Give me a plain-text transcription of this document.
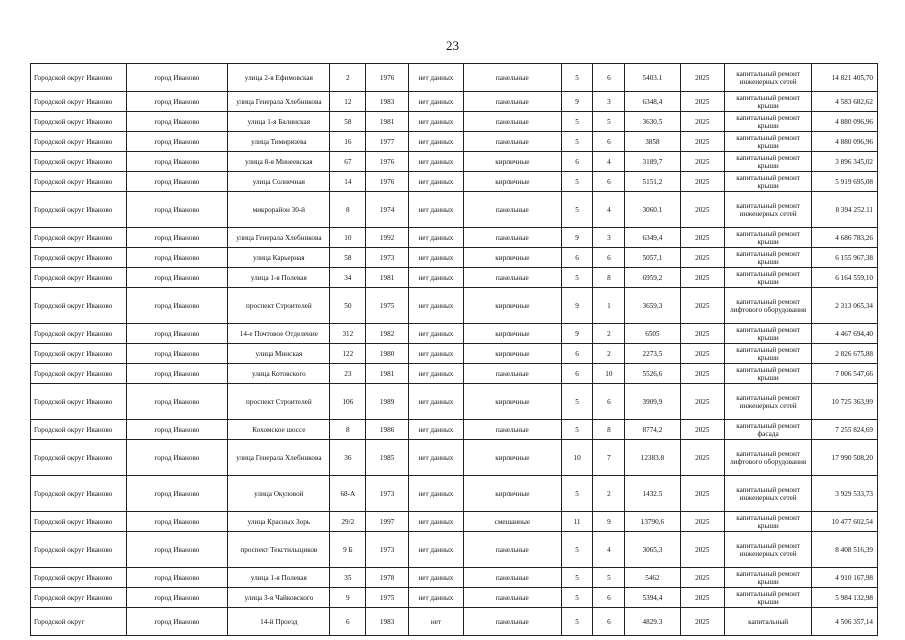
23
Городской округ Иваново	город Иваново	улица 2-я Ефимовская	2	1976	нет данных	панельные	5	6	5403.1	2025	капитальный ремонт инженерных сетей	14 821 405,70
Городской округ Иваново	город Иваново	улица Генерала Хлебникова	12	1983	нет данных	панельные	9	3	6348,4	2025	капитальный ремонт крыши	4 583 682,62
Городской округ Иваново	город Иваново	улица 1-я Балинская	58	1981	нет данных	панельные	5	5	3630,5	2025	капитальный ремонт крыши	4 880 096,96
Городской округ Иваново	город Иваново	улица Тимирязева	16	1977	нет данных	панельные	5	6	3858	2025	капитальный ремонт крыши	4 880 096,96
Городской округ Иваново	город Иваново	улица 8-я Минеевская	67	1976	нет данных	кирпичные	6	4	3189,7	2025	капитальный ремонт крыши	3 896 345,02
Городской округ Иваново	город Иваново	улица Солнечная	14	1976	нет данных	кирпичные	5	6	5151,2	2025	капитальный ремонт крыши	5 919 695,08
Городской округ Иваново	город Иваново	микрорайон 30-й	8	1974	нет данных	панельные	5	4	3060.1	2025	капитальный ремонт инженерных сетей	8 394 252.11
Городской округ Иваново	город Иваново	улица Генерала Хлебникова	10	1992	нет данных	панельные	9	3	6349,4	2025	капитальный ремонт крыши	4 686 783,26
Городской округ Иваново	город Иваново	улица Карьерная	58	1973	нет данных	кирпичные	6	6	5057,1	2025	капитальный ремонт крыши	6 155 967,38
Городской округ Иваново	город Иваново	улица 1-я Полевая	34	1981	нет данных	панельные	5	8	6959,2	2025	капитальный ремонт крыши	6 164 559,10
Городской округ Иваново	город Иваново	проспект Строителей	50	1975	нет данных	кирпичные	9	1	3659,3	2025	капитальный ремонт лифтового оборудования	2 313 065,34
Городской округ Иваново	город Иваново	14-е Почтовое Отделение	312	1982	нет данных	кирпичные	9	2	6505	2025	капитальный ремонт крыши	4 467 694,40
Городской округ Иваново	город Иваново	улица Минская	122	1980	нет данных	кирпичные	6	2	2273,5	2025	капитальный ремонт крыши	2 826 675,88
Городской округ Иваново	город Иваново	улица Котовского	23	1981	нет данных	панельные	6	10	5526,6	2025	капитальный ремонт крыши	7 006 547,66
Городской округ Иваново	город Иваново	проспект Строителей	106	1989	нет данных	кирпичные	5	6	3909,9	2025	капитальный ремонт инженерных сетей	10 725 363,99
Городской округ Иваново	город Иваново	Кохомское шоссе	8	1986	нет данных	панельные	5	8	8774,2	2025	капитальный ремонт фасада	7 255 824,69
Городской округ Иваново	город Иваново	улица Генерала Хлебникова	36	1985	нет данных	кирпичные	10	7	12383.8	2025	капитальный ремонт лифтового оборудования	17 990 508,20
Городской округ Иваново	город Иваново	улица Окуловой	68-А	1973	нет данных	кирпичные	5	2	1432.5	2025	капитальный ремонт инженерных сетей	3 929 533,73
Городской округ Иваново	город Иваново	улица Красных Зорь	29/2	1997	нет данных	смешанные	11	9	13790,6	2025	капитальный ремонт крыши	10 477 602,54
Городской округ Иваново	город Иваново	проспект Текстильщиков	9 Б	1973	нет данных	панельные	5	4	3065,3	2025	капитальный ремонт инженерных сетей	8 408 516,39
Городской округ Иваново	город Иваново	улица 1-я Полевая	35	1978	нет данных	панельные	5	5	5462	2025	капитальный ремонт крыши	4 910 167,98
Городской округ Иваново	город Иваново	улица 3-я Чайковского	9	1975	нет данных	панельные	5	6	5394,4	2025	капитальный ремонт крыши	5 984 132,98
Городской округ	город Иваново	14-й Проезд	6	1983	нет	панельные	5	6	4829.3	2025	капитальный	4 506 357,14
